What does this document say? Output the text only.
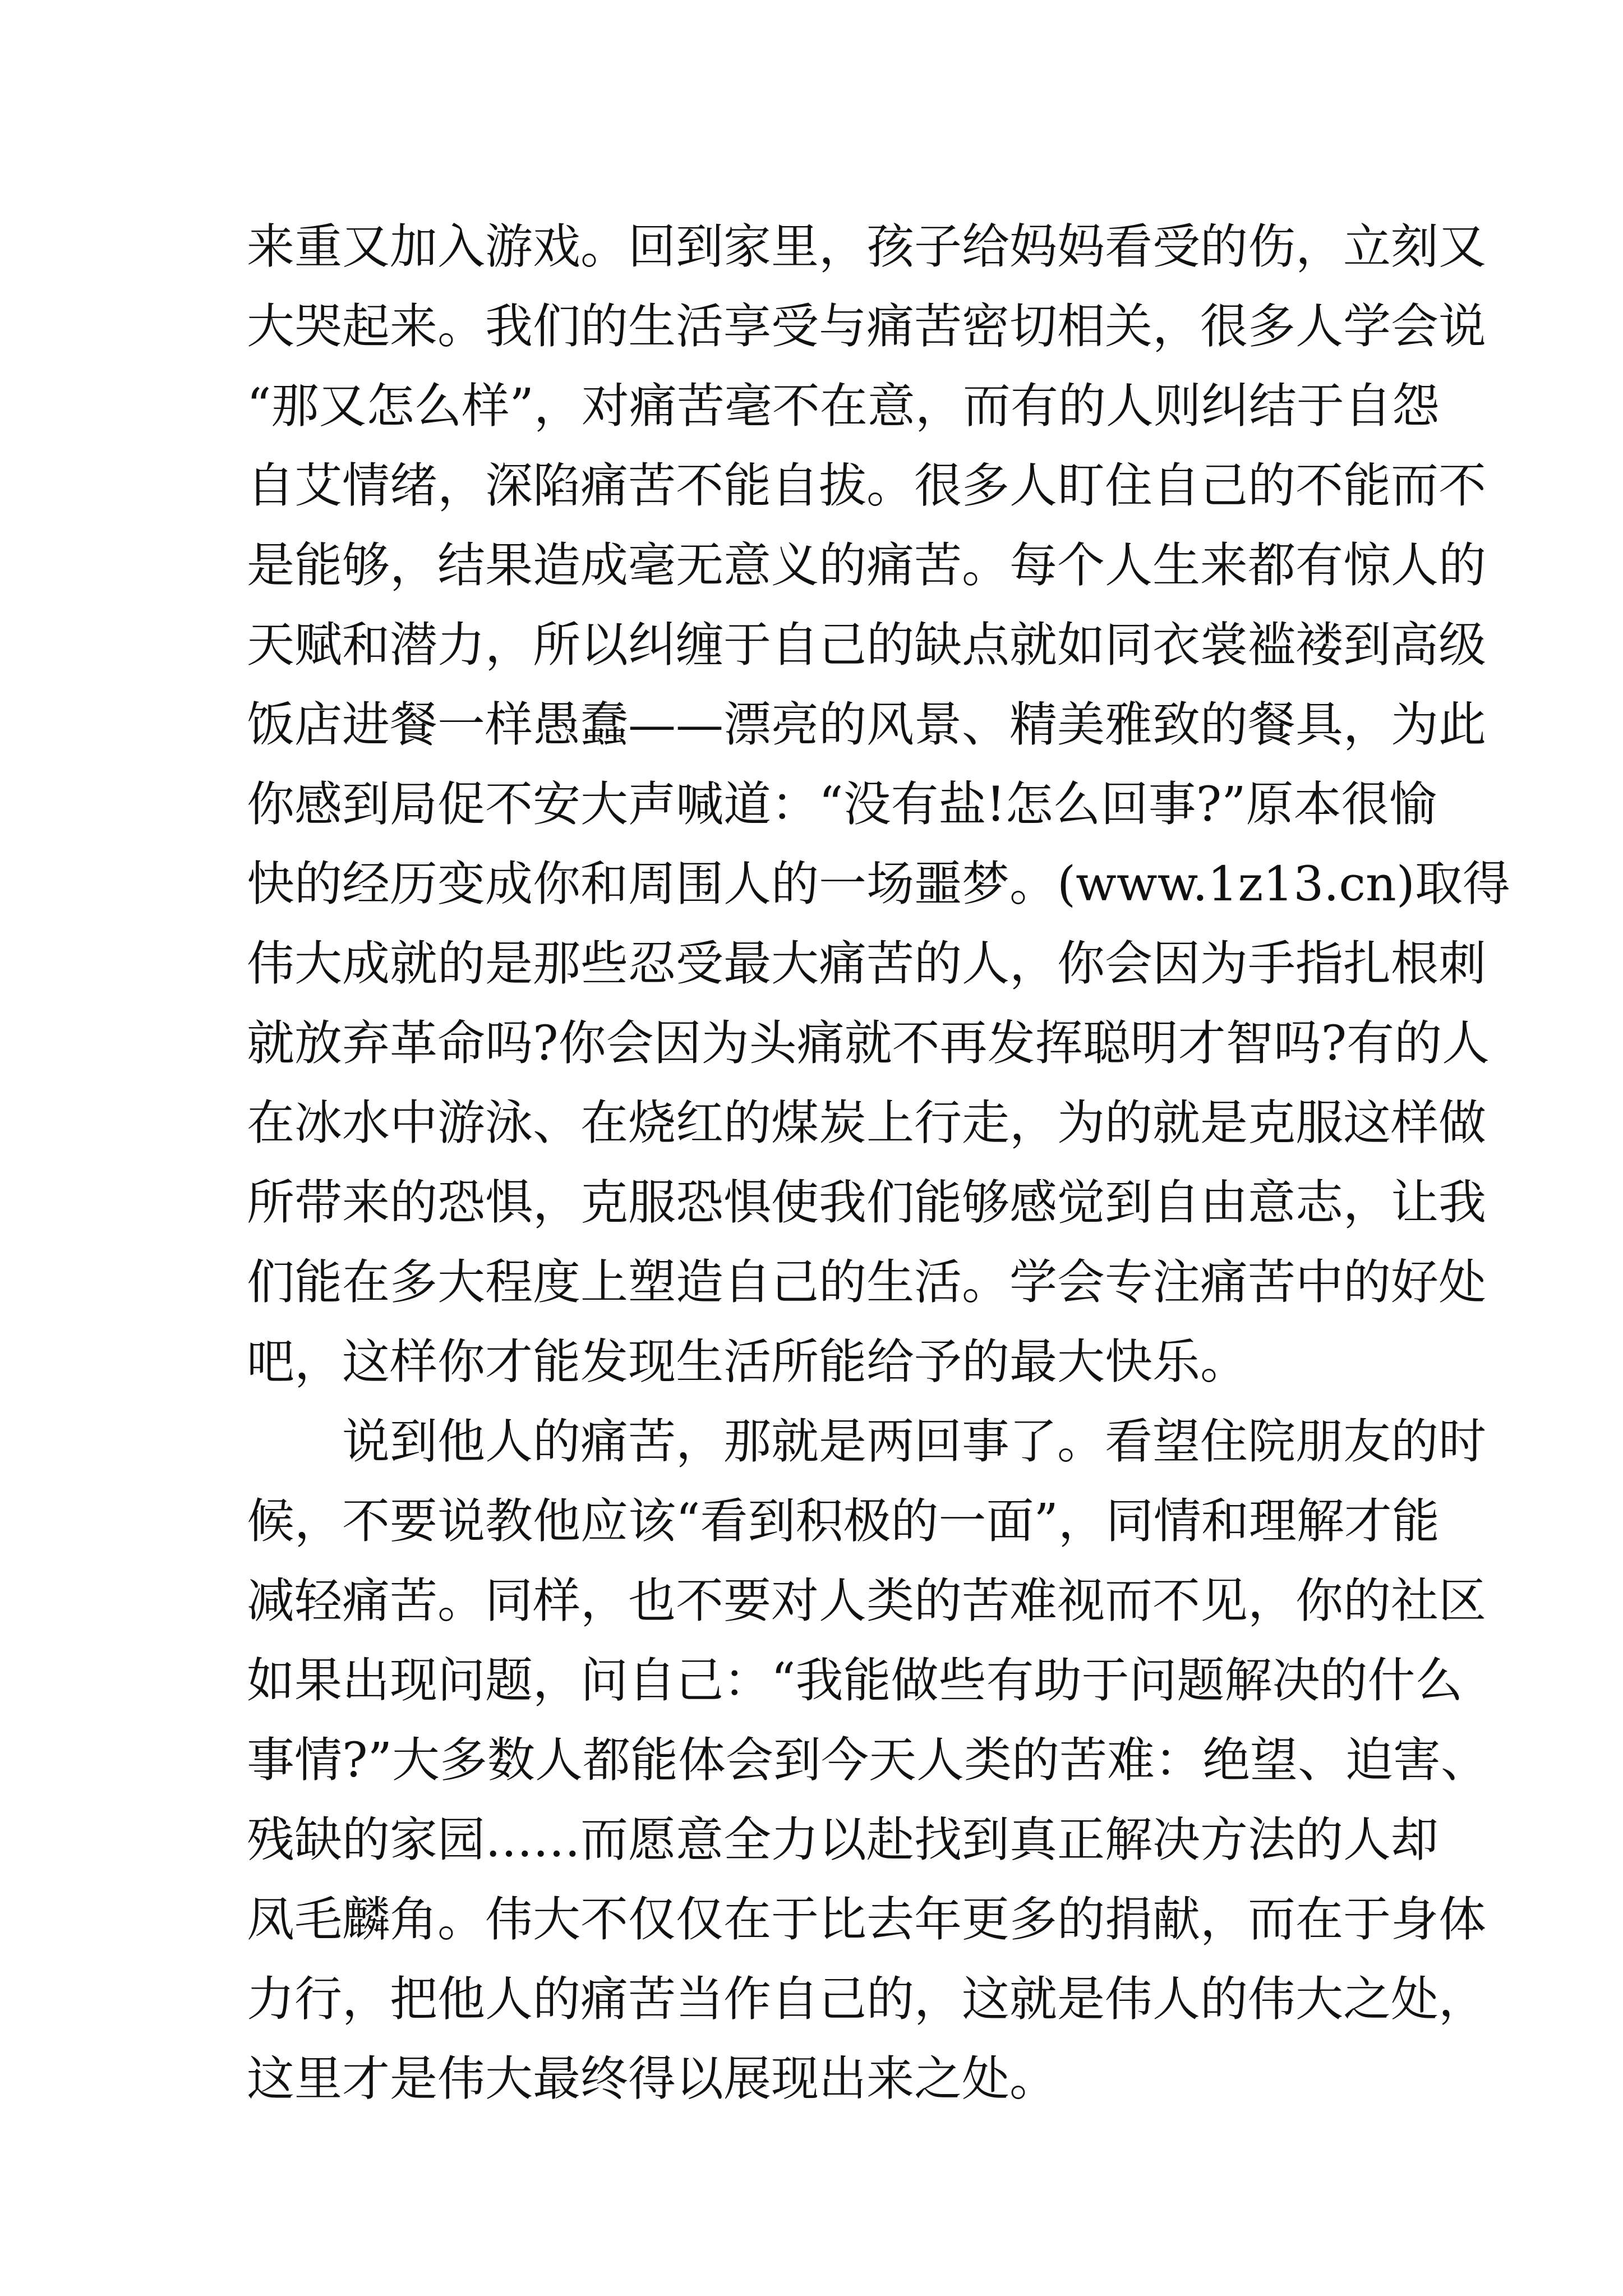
来重又加入游戏。回到家里，孩子给妈妈看受的伤，立刻又
大哭起来。我们的生活享受与痛苦密切相关，很多人学会说
“那又怎么样”，对痛苦毫不在意，而有的人则纠结于自怨
自艾情绪，深陷痛苦不能自拔。很多人盯住自己的不能而不
是能够，结果造成毫无意义的痛苦。每个人生来都有惊人的
天赋和潜力，所以纠缠于自己的缺点就如同衣裳褴褛到高级
饭店进餐一样愚蠢——漂亮的风景、精美雅致的餐具，为此
你感到局促不安大声喊道：“没有盐!怎么回事?”原本很愉
快的经历变成你和周围人的一场噩梦。(www.1z13.cn)取得
伟大成就的是那些忍受最大痛苦的人，你会因为手指扎根刺
就放弃革命吗?你会因为头痛就不再发挥聪明才智吗?有的人
在冰水中游泳、在烧红的煤炭上行走，为的就是克服这样做
所带来的恐惧，克服恐惧使我们能够感觉到自由意志，让我
们能在多大程度上塑造自己的生活。学会专注痛苦中的好处
吧，这样你才能发现生活所能给予的最大快乐。
说到他人的痛苦，那就是两回事了。看望住院朋友的时
候，不要说教他应该“看到积极的一面”，同情和理解才能
减轻痛苦。同样，也不要对人类的苦难视而不见，你的社区
如果出现问题，问自己：“我能做些有助于问题解决的什么
事情?”大多数人都能体会到今天人类的苦难：绝望、迫害、
残缺的家园……而愿意全力以赴找到真正解决方法的人却
凤毛麟角。伟大不仅仅在于比去年更多的捐献，而在于身体
力行，把他人的痛苦当作自己的，这就是伟人的伟大之处，
这里才是伟大最终得以展现出来之处。
